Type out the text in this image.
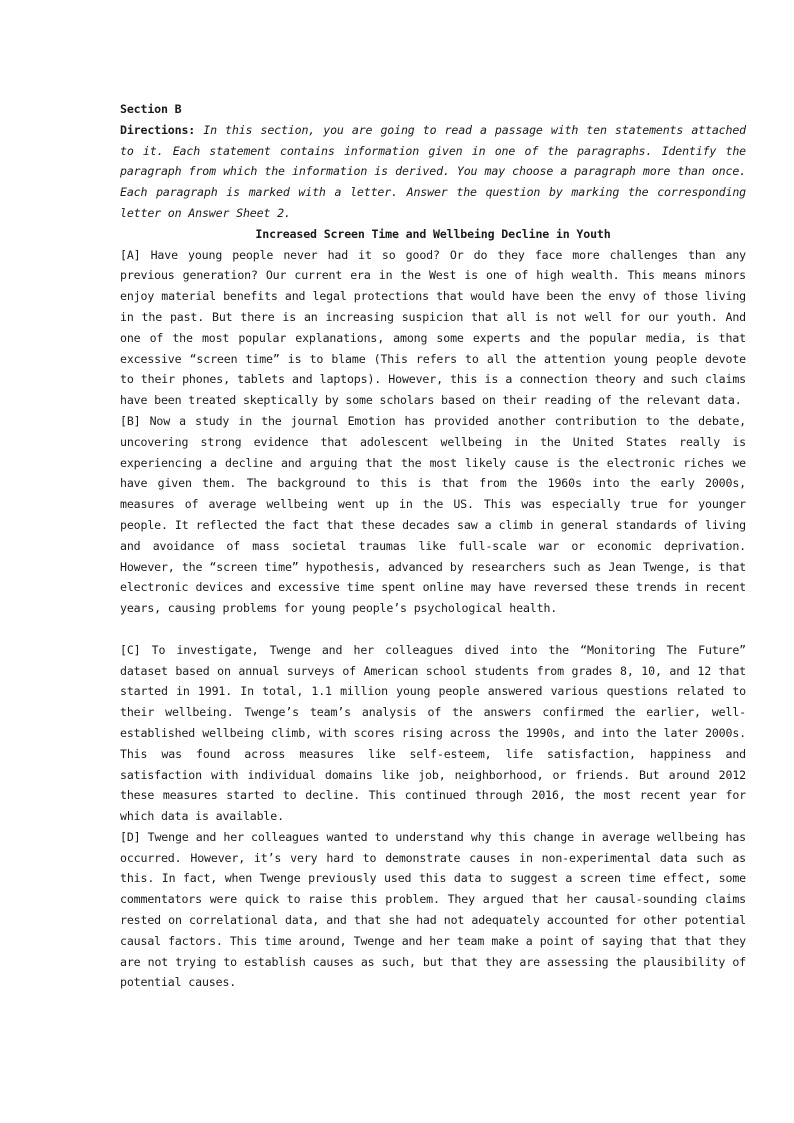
Section B
Directions: In this section, you are going to read a passage with ten statements attached to it. Each statement contains information given in one of the paragraphs. Identify the paragraph from which the information is derived. You may choose a paragraph more than once. Each paragraph is marked with a letter. Answer the question by marking the corresponding letter on Answer Sheet 2.
Increased Screen Time and Wellbeing Decline in Youth

[A] Have young people never had it so good? Or do they face more challenges than any previous generation? Our current era in the West is one of high wealth. This means minors enjoy material benefits and legal protections that would have been the envy of those living in the past. But there is an increasing suspicion that all is not well for our youth. And one of the most popular explanations, among some experts and the popular media, is that excessive “screen time” is to blame (This refers to all the attention young people devote to their phones, tablets and laptops). However, this is a connection theory and such claims have been treated skeptically by some scholars based on their reading of the relevant data.

[B] Now a study in the journal Emotion has provided another contribution to the debate, uncovering strong evidence that adolescent wellbeing in the United States really is experiencing a decline and arguing that the most likely cause is the electronic riches we have given them. The background to this is that from the 1960s into the early 2000s, measures of average wellbeing went up in the US. This was especially true for younger people. It reflected the fact that these decades saw a climb in general standards of living and avoidance of mass societal traumas like full-scale war or economic deprivation. However, the “screen time” hypothesis, advanced by researchers such as Jean Twenge, is that electronic devices and excessive time spent online may have reversed these trends in recent years, causing problems for young people’s psychological health.

[C] To investigate, Twenge and her colleagues dived into the “Monitoring The Future” dataset based on annual surveys of American school students from grades 8, 10, and 12 that started in 1991. In total, 1.1 million young people answered various questions related to their wellbeing. Twenge’s team’s analysis of the answers confirmed the earlier, well-established wellbeing climb, with scores rising across the 1990s, and into the later 2000s. This was found across measures like self-esteem, life satisfaction, happiness and satisfaction with individual domains like job, neighborhood, or friends. But around 2012 these measures started to decline. This continued through 2016, the most recent year for which data is available.

[D] Twenge and her colleagues wanted to understand why this change in average wellbeing has occurred. However, it’s very hard to demonstrate causes in non-experimental data such as this. In fact, when Twenge previously used this data to suggest a screen time effect, some commentators were quick to raise this problem. They argued that her causal-sounding claims rested on correlational data, and that she had not adequately accounted for other potential causal factors. This time around, Twenge and her team make a point of saying that that they are not trying to establish causes as such, but that they are assessing the plausibility of potential causes.
